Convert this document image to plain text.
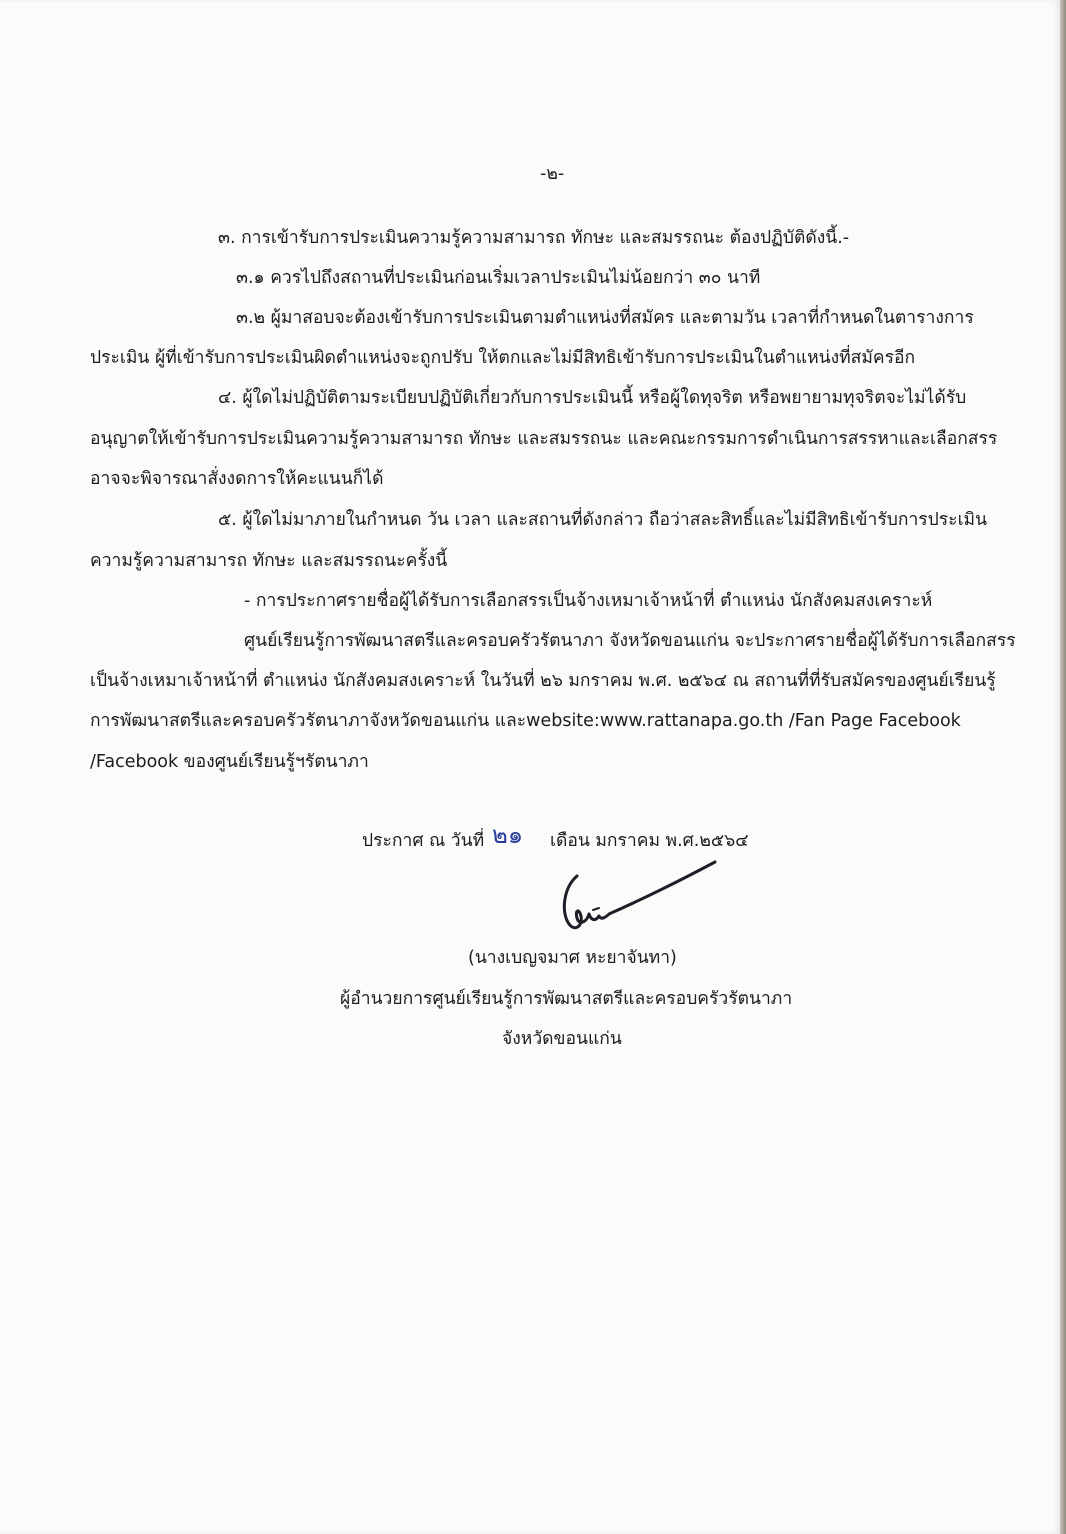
-๒-
๓. การเข้ารับการประเมินความรู้ความสามารถ ทักษะ และสมรรถนะ ต้องปฏิบัติดังนี้.-
๓.๑ ควรไปถึงสถานที่ประเมินก่อนเริ่มเวลาประเมินไม่น้อยกว่า ๓๐ นาที
๓.๒ ผู้มาสอบจะต้องเข้ารับการประเมินตามตำแหน่งที่สมัคร และตามวัน เวลาที่กำหนดในตารางการ
ประเมิน ผู้ที่เข้ารับการประเมินผิดตำแหน่งจะถูกปรับ ให้ตกและไม่มีสิทธิเข้ารับการประเมินในตำแหน่งที่สมัครอีก
๔. ผู้ใดไม่ปฏิบัติตามระเบียบปฏิบัติเกี่ยวกับการประเมินนี้ หรือผู้ใดทุจริต หรือพยายามทุจริตจะไม่ได้รับ
อนุญาตให้เข้ารับการประเมินความรู้ความสามารถ ทักษะ และสมรรถนะ และคณะกรรมการดำเนินการสรรหาและเลือกสรร
อาจจะพิจารณาสั่งงดการให้คะแนนก็ได้
๕. ผู้ใดไม่มาภายในกำหนด วัน เวลา และสถานที่ดังกล่าว ถือว่าสละสิทธิ์และไม่มีสิทธิเข้ารับการประเมิน
ความรู้ความสามารถ ทักษะ และสมรรถนะครั้งนี้
- การประกาศรายชื่อผู้ได้รับการเลือกสรรเป็นจ้างเหมาเจ้าหน้าที่ ตำแหน่ง นักสังคมสงเคราะห์
ศูนย์เรียนรู้การพัฒนาสตรีและครอบครัวรัตนาภา จังหวัดขอนแก่น จะประกาศรายชื่อผู้ได้รับการเลือกสรร
เป็นจ้างเหมาเจ้าหน้าที่ ตำแหน่ง นักสังคมสงเคราะห์ ในวันที่ ๒๖ มกราคม พ.ศ. ๒๕๖๔ ณ สถานที่ที่รับสมัครของศูนย์เรียนรู้
การพัฒนาสตรีและครอบครัวรัตนาภาจังหวัดขอนแก่น และwebsite:www.rattanapa.go.th /Fan Page Facebook
/Facebook ของศูนย์เรียนรู้ฯรัตนาภา
ประกาศ ณ วันที่ ๒๑ เดือน มกราคม พ.ศ.๒๕๖๔
(นางเบญจมาศ หะยาจันทา)
ผู้อำนวยการศูนย์เรียนรู้การพัฒนาสตรีและครอบครัวรัตนาภา
จังหวัดขอนแก่น
